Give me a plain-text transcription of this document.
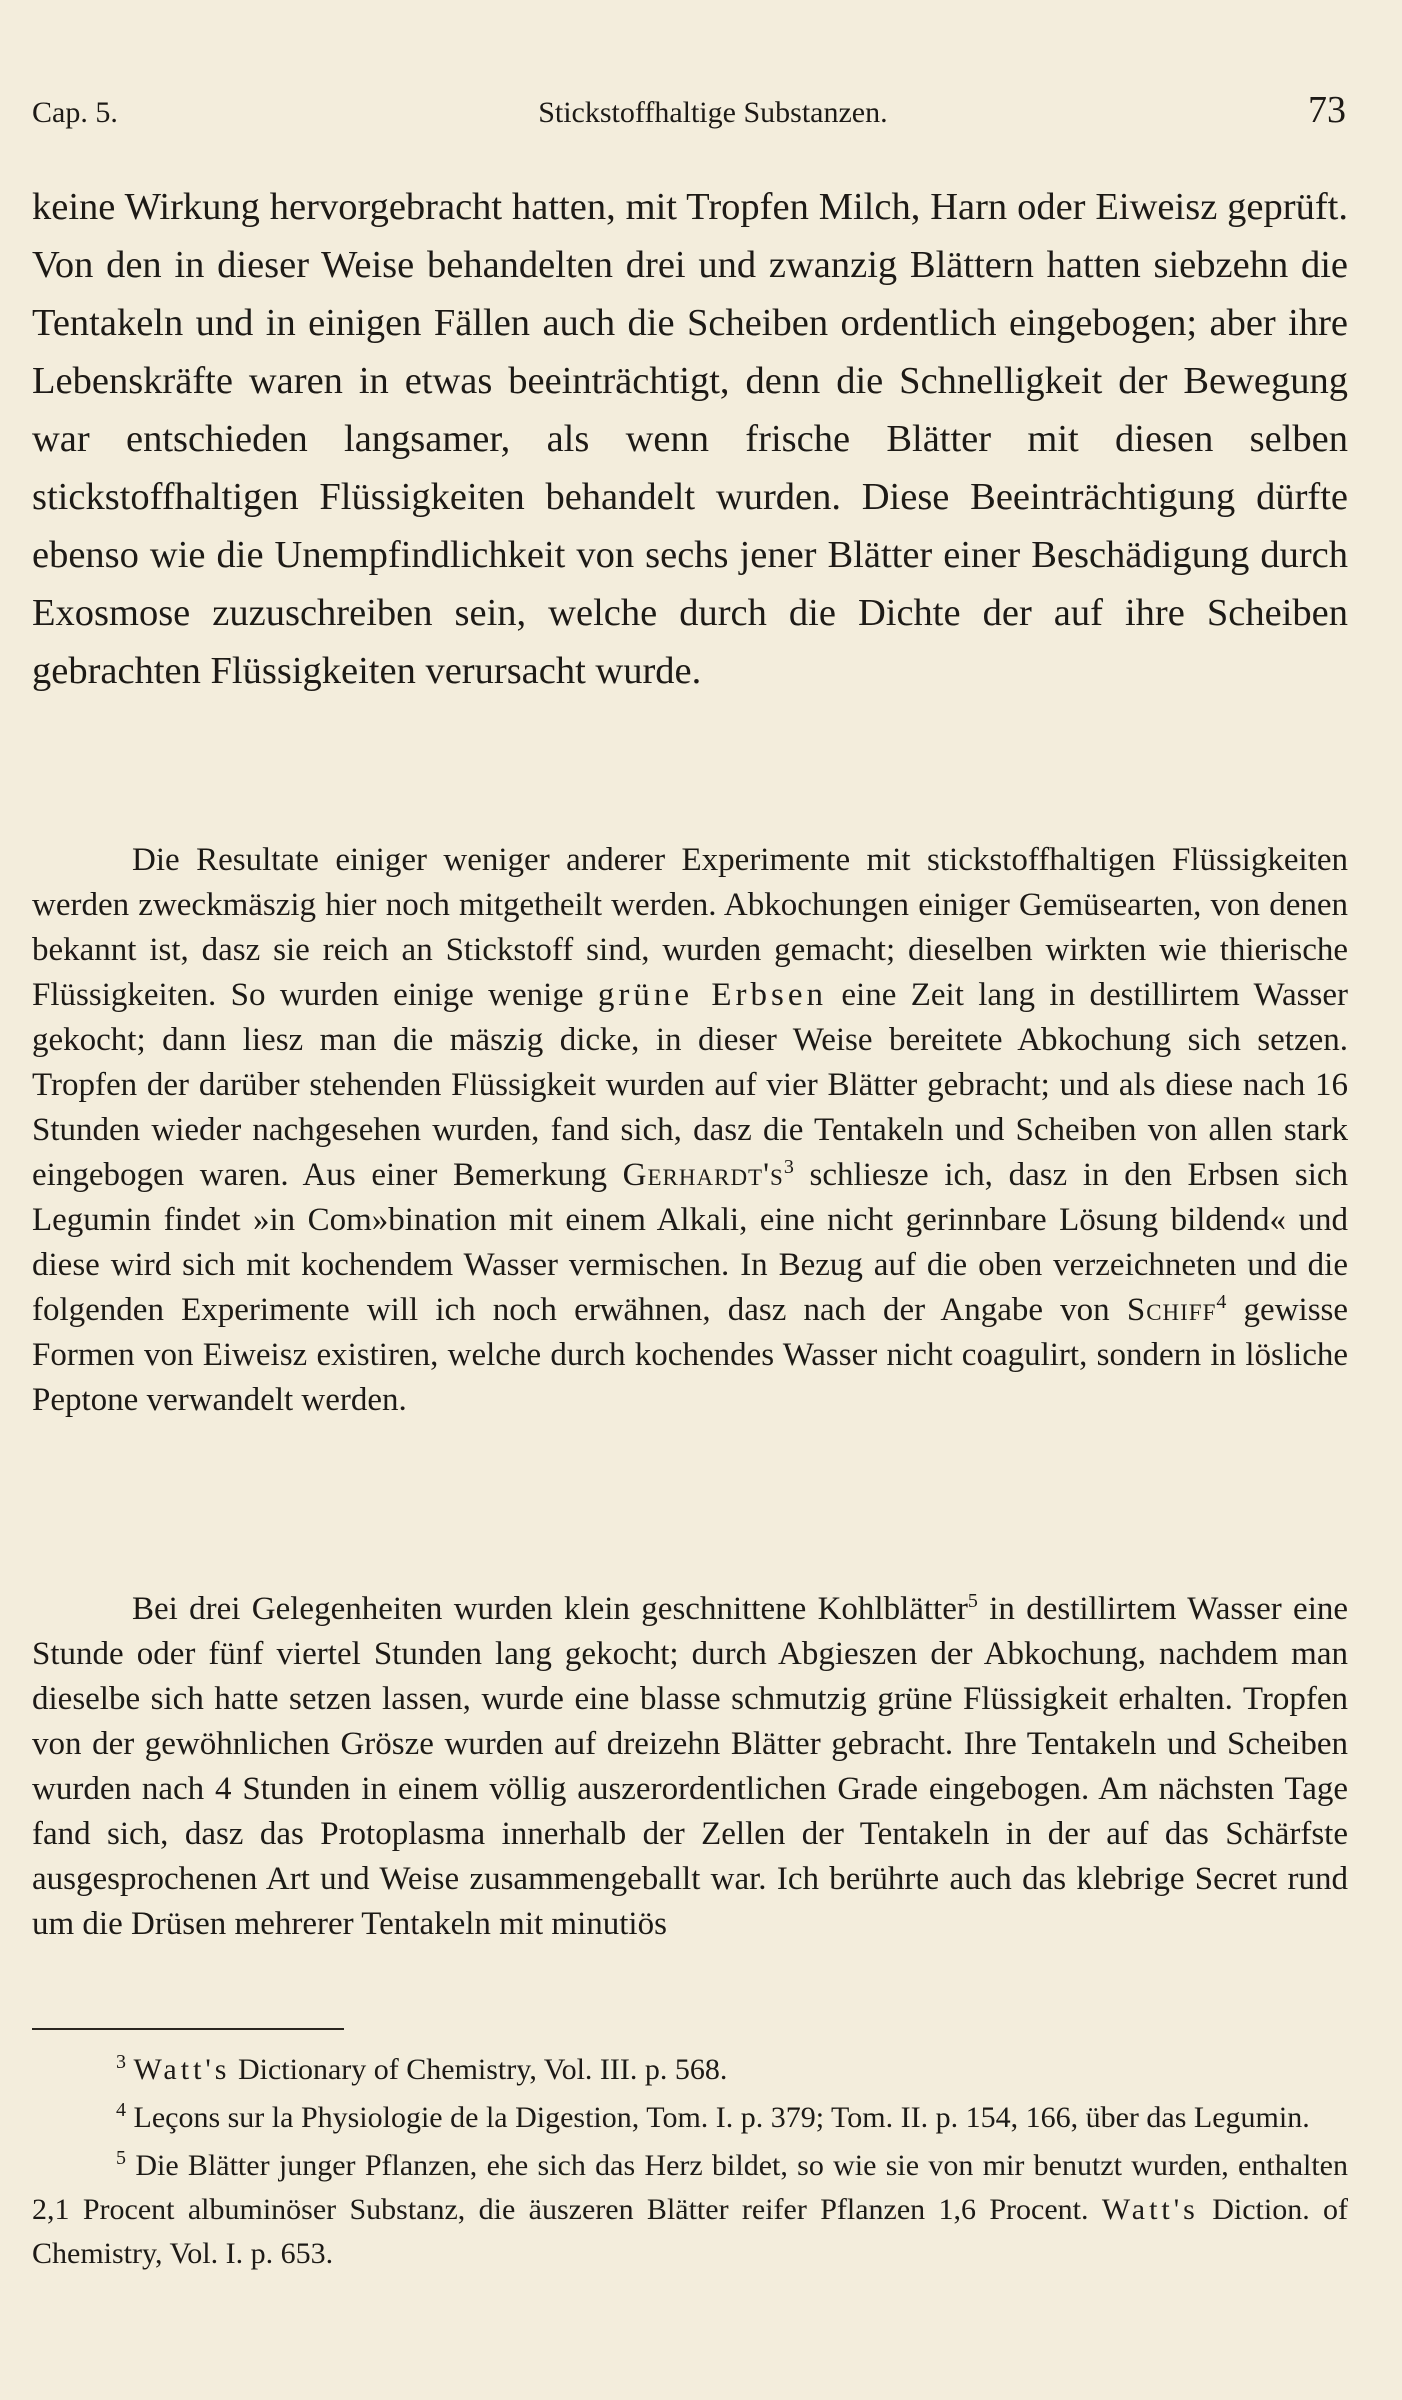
Cap. 5.	Stickstoffhaltige Substanzen.	73

keine Wirkung hervorgebracht hatten, mit Tropfen Milch, Harn oder Eiweisz geprüft. Von den in dieser Weise behandelten drei und zwanzig Blättern hatten siebzehn die Tentakeln und in einigen Fällen auch die Scheiben ordentlich eingebogen; aber ihre Lebenskräfte waren in etwas beeinträchtigt, denn die Schnelligkeit der Bewegung war entschieden langsamer, als wenn frische Blätter mit diesen selben stickstoffhaltigen Flüssigkeiten behandelt wurden. Diese Beeinträchtigung dürfte ebenso wie die Unempfindlichkeit von sechs jener Blätter einer Beschädigung durch Exosmose zuzuschreiben sein, welche durch die Dichte der auf ihre Scheiben gebrachten Flüssigkeiten verursacht wurde.

Die Resultate einiger weniger anderer Experimente mit stickstoffhaltigen Flüssigkeiten werden zweckmäszig hier noch mitgetheilt werden. Abkochungen einiger Gemüsearten, von denen bekannt ist, dasz sie reich an Stickstoff sind, wurden gemacht; dieselben wirkten wie thierische Flüssigkeiten. So wurden einige wenige grüne Erbsen eine Zeit lang in destillirtem Wasser gekocht; dann liesz man die mäszig dicke, in dieser Weise bereitete Abkochung sich setzen. Tropfen der darüber stehenden Flüssigkeit wurden auf vier Blätter gebracht; und als diese nach 16 Stunden wieder nachgesehen wurden, fand sich, dasz die Tentakeln und Scheiben von allen stark eingebogen waren. Aus einer Bemerkung $Gerhardt's^3$ schliesze ich, dasz in den Erbsen sich Legumin findet »in Com»bination mit einem Alkali, eine nicht gerinnbare Lösung bildend« und diese wird sich mit kochendem Wasser vermischen. In Bezug auf die oben verzeichneten und die folgenden Experimente will ich noch erwähnen, dasz nach der Angabe von Schiff$^4$ gewisse Formen von Eiweisz existiren, welche durch kochendes Wasser nicht coagulirt, sondern in lösliche Peptone verwandelt werden.

Bei drei Gelegenheiten wurden klein geschnittene Kohlblätter$^5$ in destillirtem Wasser eine Stunde oder fünf viertel Stunden lang gekocht; durch Abgieszen der Abkochung, nachdem man dieselbe sich hatte setzen lassen, wurde eine blasse schmutzig grüne Flüssigkeit erhalten. Tropfen von der gewöhnlichen Grösze wurden auf dreizehn Blätter gebracht. Ihre Tentakeln und Scheiben wurden nach 4 Stunden in einem völlig auszerordentlichen Grade eingebogen. Am nächsten Tage fand sich, dasz das Protoplasma innerhalb der Zellen der Tentakeln in der auf das Schärfste ausgesprochenen Art und Weise zusammengeballt war. Ich berührte auch das klebrige Secret rund um die Drüsen mehrerer Tentakeln mit minutiös

$^3$ Watt's Dictionary of Chemistry, Vol. III. p. 568.

$^4$ Leçons sur la Physiologie de la Digestion, Tom. I. p. 379; Tom. II. p. 154, 166, über das Legumin.

$^5$ Die Blätter junger Pflanzen, ehe sich das Herz bildet, so wie sie von mir benutzt wurden, enthalten 2,1 Procent albuminöser Substanz, die äuszeren Blätter reifer Pflanzen 1,6 Procent. Watt's Diction. of Chemistry, Vol. I. p. 653.
